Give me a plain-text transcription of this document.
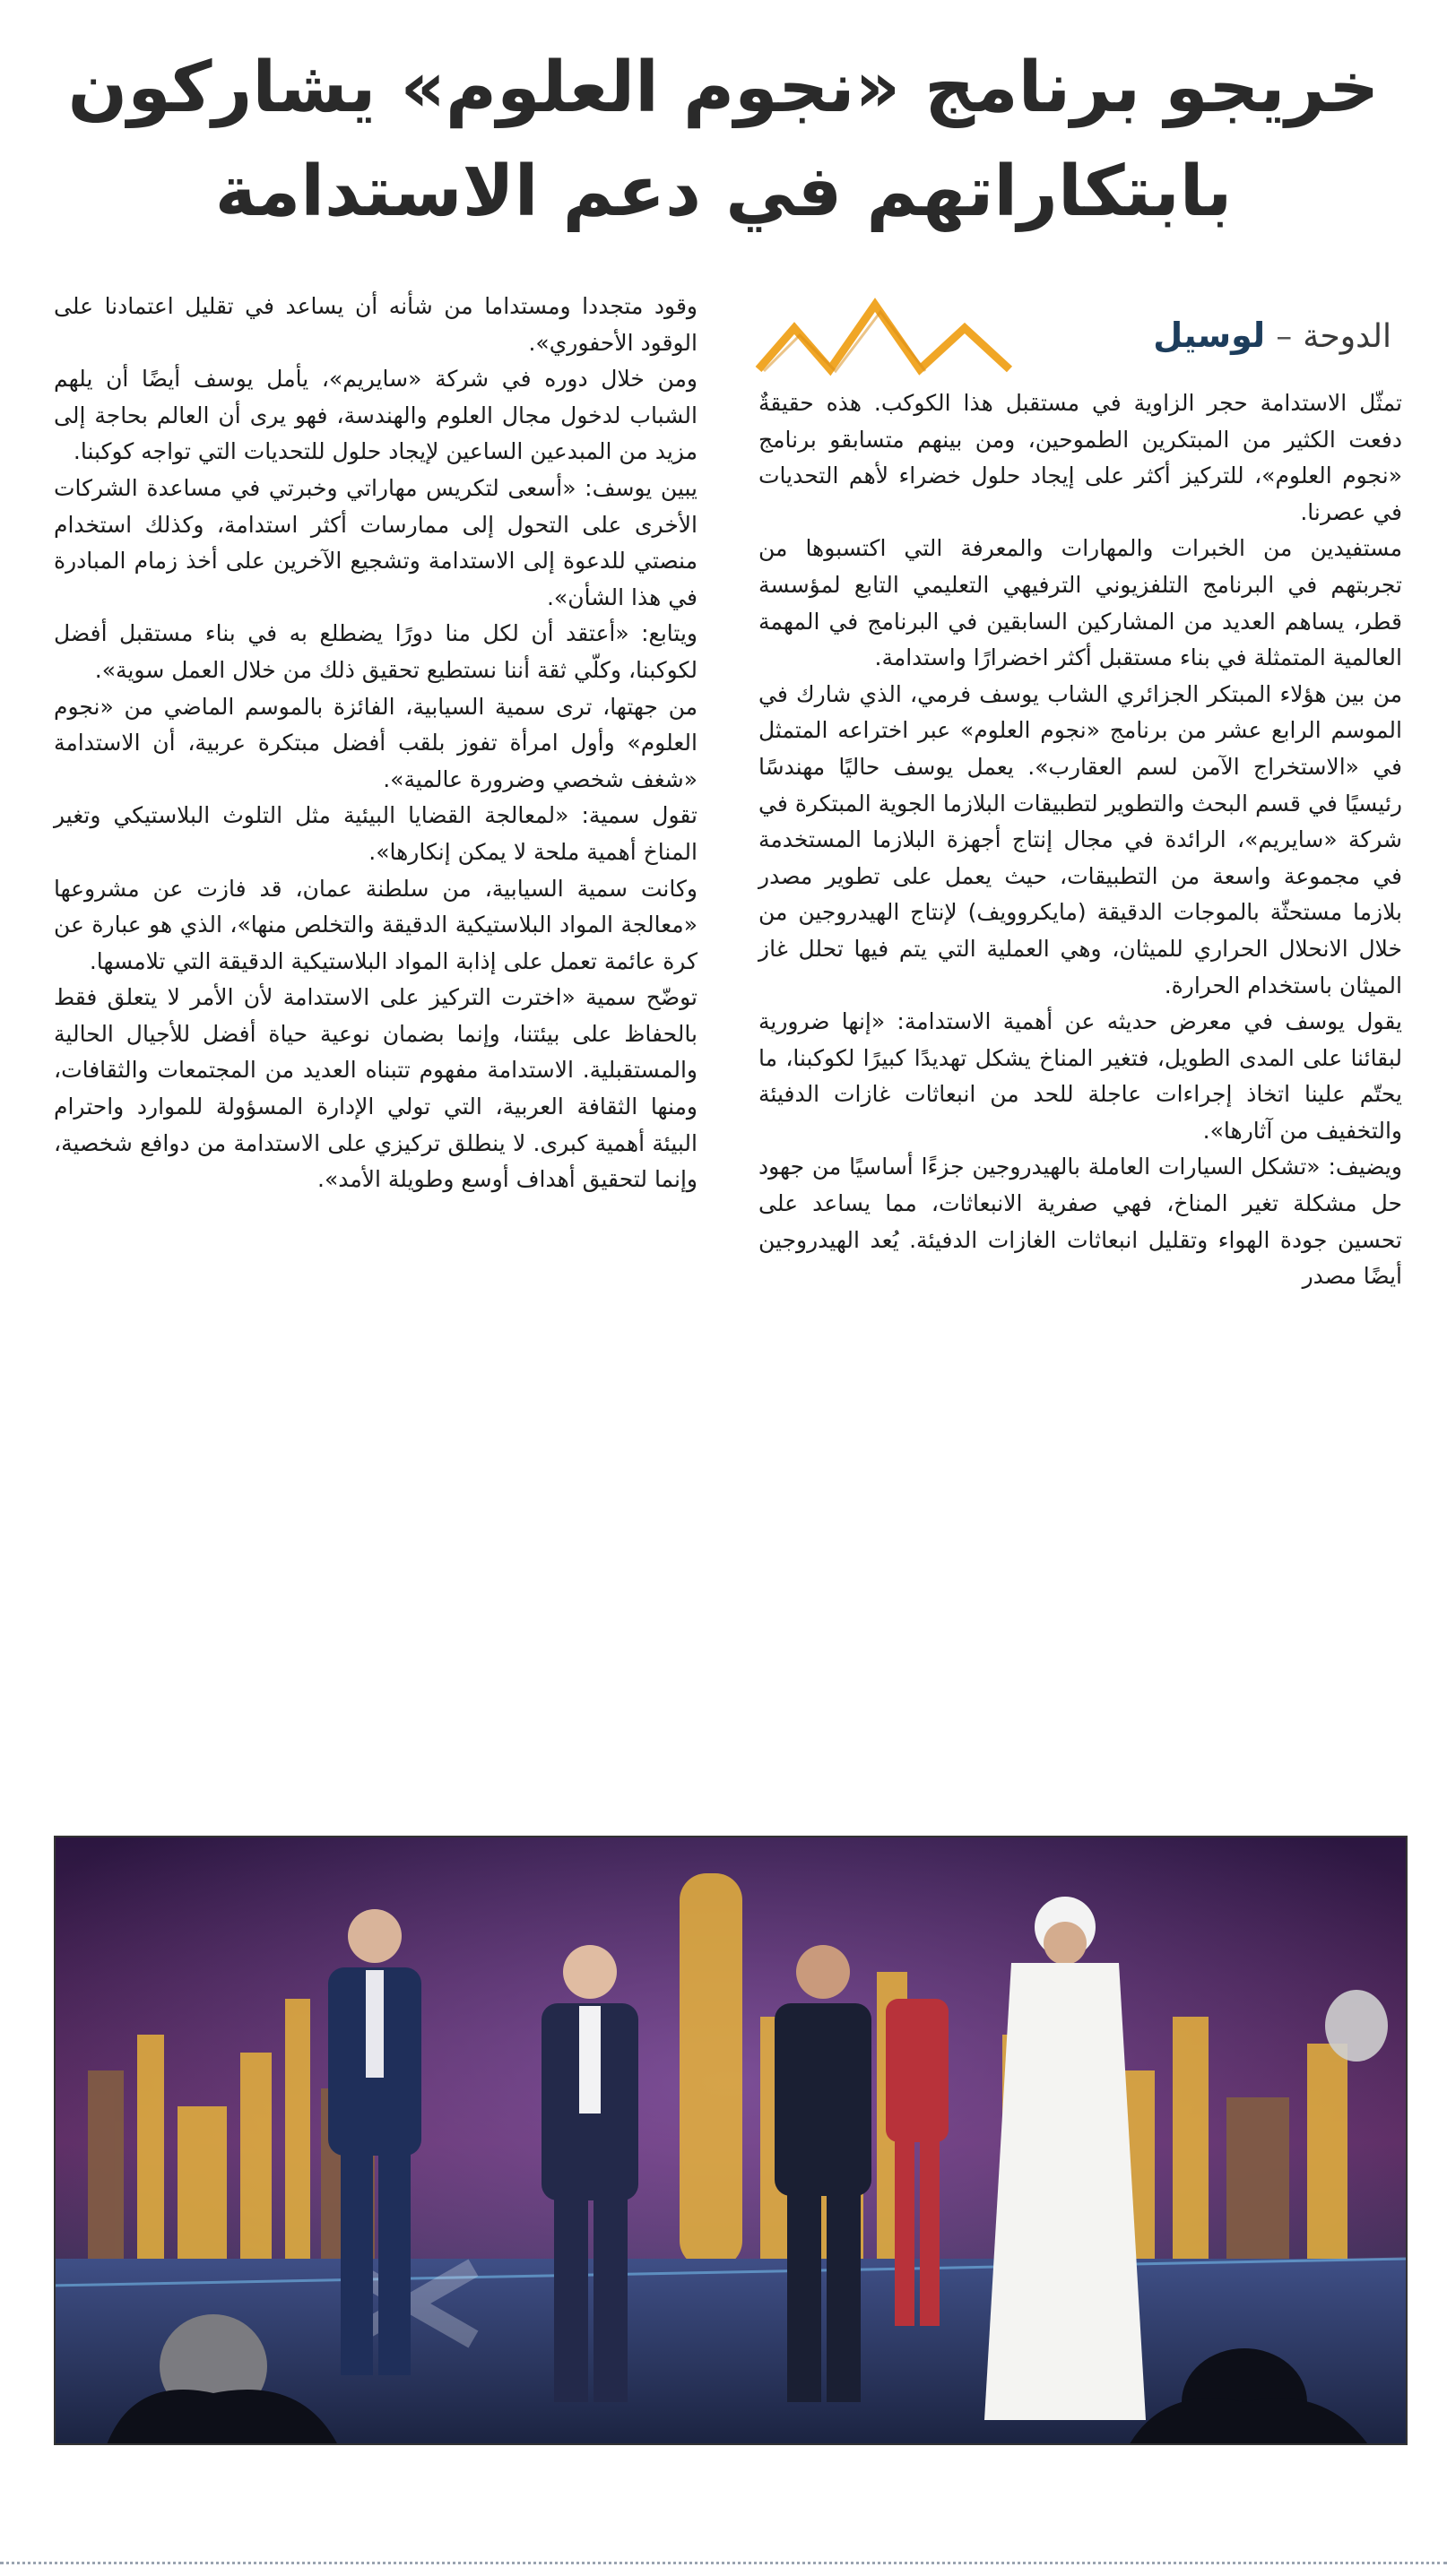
خريجو برنامج «نجوم العلوم» يشاركون

بابتكاراتهم في دعم الاستدامة

الدوحة–لوسيل

تمثّل الاستدامة حجر الزاوية في مستقبل هذا الكوكب. هذه حقيقةٌ دفعت الكثير من المبتكرين الطموحين، ومن بينهم متسابقو برنامج «نجوم العلوم»، للتركيز أكثر على إيجاد حلول خضراء لأهم التحديات في عصرنا.

مستفيدين من الخبرات والمهارات والمعرفة التي اكتسبوها من تجربتهم في البرنامج التلفزيوني الترفيهي التعليمي التابع لمؤسسة قطر، يساهم العديد من المشاركين السابقين في البرنامج في المهمة العالمية المتمثلة في بناء مستقبل أكثر اخضرارًا واستدامة.

من بين هؤلاء المبتكر الجزائري الشاب يوسف فرمي، الذي شارك في الموسم الرابع عشر من برنامج «نجوم العلوم» عبر اختراعه المتمثل في «الاستخراج الآمن لسم العقارب». يعمل يوسف حاليًا مهندسًا رئيسيًا في قسم البحث والتطوير لتطبيقات البلازما الجوية المبتكرة في شركة «سايريم»، الرائدة في مجال إنتاج أجهزة البلازما المستخدمة في مجموعة واسعة من التطبيقات، حيث يعمل على تطوير مصدر بلازما مستحثّة بالموجات الدقيقة (مايكروويف) لإنتاج الهيدروجين من خلال الانحلال الحراري للميثان، وهي العملية التي يتم فيها تحلل غاز الميثان باستخدام الحرارة.

يقول يوسف في معرض حديثه عن أهمية الاستدامة: «إنها ضرورية لبقائنا على المدى الطويل، فتغير المناخ يشكل تهديدًا كبيرًا لكوكبنا، ما يحتّم علينا اتخاذ إجراءات عاجلة للحد من انبعاثات غازات الدفيئة والتخفيف من آثارها».

ويضيف: «تشكل السيارات العاملة بالهيدروجين جزءًا أساسيًا من جهود حل مشكلة تغير المناخ، فهي صفرية الانبعاثات، مما يساعد على تحسين جودة الهواء وتقليل انبعاثات الغازات الدفيئة. يُعد الهيدروجين أيضًا مصدر

وقود متجددا ومستداما من شأنه أن يساعد في تقليل اعتمادنا على الوقود الأحفوري».

ومن خلال دوره في شركة «سايريم»، يأمل يوسف أيضًا أن يلهم الشباب لدخول مجال العلوم والهندسة، فهو يرى أن العالم بحاجة إلى مزيد من المبدعين الساعين لإيجاد حلول للتحديات التي تواجه كوكبنا.

يبين يوسف: «أسعى لتكريس مهاراتي وخبرتي في مساعدة الشركات الأخرى على التحول إلى ممارسات أكثر استدامة، وكذلك استخدام منصتي للدعوة إلى الاستدامة وتشجيع الآخرين على أخذ زمام المبادرة في هذا الشأن».

ويتابع: «أعتقد أن لكل منا دورًا يضطلع به في بناء مستقبل أفضل لكوكبنا، وكلّي ثقة أننا نستطيع تحقيق ذلك من خلال العمل سوية».

من جهتها، ترى سمية السيابية، الفائزة بالموسم الماضي من «نجوم العلوم» وأول امرأة تفوز بلقب أفضل مبتكرة عربية، أن الاستدامة «شغف شخصي وضرورة عالمية».

تقول سمية: «لمعالجة القضايا البيئية مثل التلوث البلاستيكي وتغير المناخ أهمية ملحة لا يمكن إنكارها».

وكانت سمية السيابية، من سلطنة عمان، قد فازت عن مشروعها «معالجة المواد البلاستيكية الدقيقة والتخلص منها»، الذي هو عبارة عن كرة عائمة تعمل على إذابة المواد البلاستيكية الدقيقة التي تلامسها.

توضّح سمية «اخترت التركيز على الاستدامة لأن الأمر لا يتعلق فقط بالحفاظ على بيئتنا، وإنما بضمان نوعية حياة أفضل للأجيال الحالية والمستقبلية. الاستدامة مفهوم تتبناه العديد من المجتمعات والثقافات، ومنها الثقافة العربية، التي تولي الإدارة المسؤولة للموارد واحترام البيئة أهمية كبرى. لا ينطلق تركيزي على الاستدامة من دوافع شخصية، وإنما لتحقيق أهداف أوسع وطويلة الأمد».
